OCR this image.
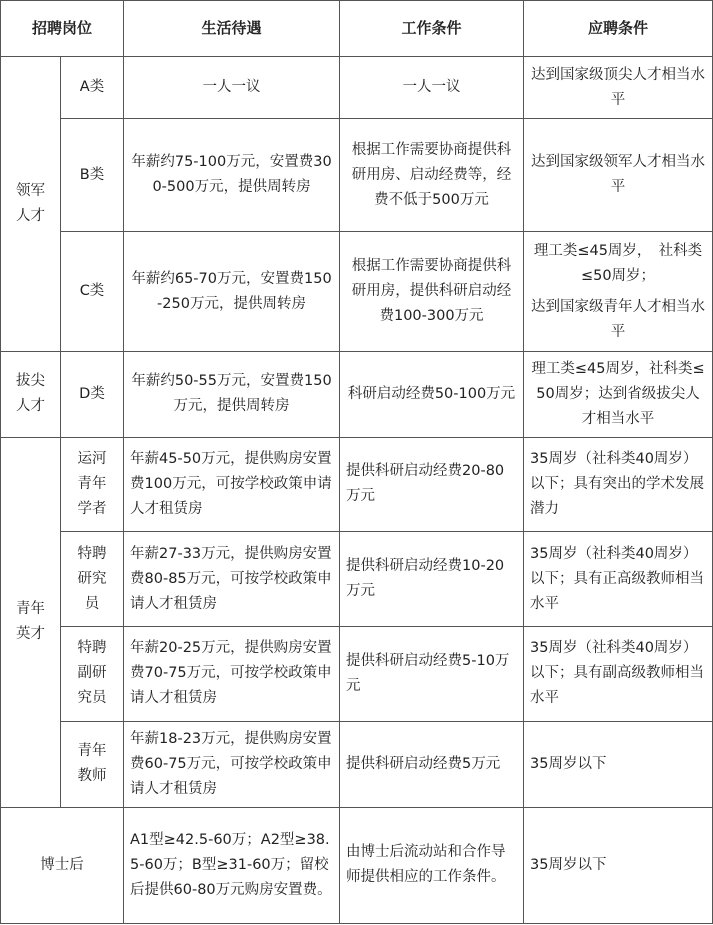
招聘岗位		生活待遇	工作条件	应聘条件
领军
人才	A类	一人一议	一人一议	达到国家级顶尖人才相当水平
	B类	年薪约75-100万元，安置费300-500万元，提供周转房	根据工作需要协商提供科研用房、启动经费等，经费不低于500万元	达到国家级领军人才相当水平
	C类	年薪约65-70万元，安置费150-250万元，提供周转房	根据工作需要协商提供科研用房，提供科研启动经费100-300万元	理工类≤45周岁，　社科类≤50周岁；
达到国家级青年人才相当水平

拔尖
人才	D类	年薪约50-55万元，安置费150万元，提供周转房	科研启动经费50-100万元	理工类≤45周岁，社科类≤50周岁；达到省级拔尖人才相当水平
青年
英才	运河
青年
学者	年薪45-50万元，提供购房安置费100万元，可按学校政策申请人才租赁房	提供科研启动经费20-80万元	35周岁（社科类40周岁）以下；具有突出的学术发展潜力
	特聘
研究
员	年薪27-33万元，提供购房安置费80-85万元，可按学校政策申请人才租赁房	提供科研启动经费10-20万元	35周岁（社科类40周岁）以下；具有正高级教师相当水平
	特聘
副研
究员	年薪20-25万元，提供购房安置费70-75万元，可按学校政策申请人才租赁房	提供科研启动经费5-10万元	35周岁（社科类40周岁）以下；具有副高级教师相当水平
	青年
教师	年薪18-23万元，提供购房安置费60-75万元，可按学校政策申请人才租赁房	提供科研启动经费5万元	35周岁以下
博士后		A1型≥42.5-60万；A2型≥38.5-60万；B型≥31-60万；留校后提供60-80万元购房安置费。	由博士后流动站和合作导师提供相应的工作条件。	35周岁以下
